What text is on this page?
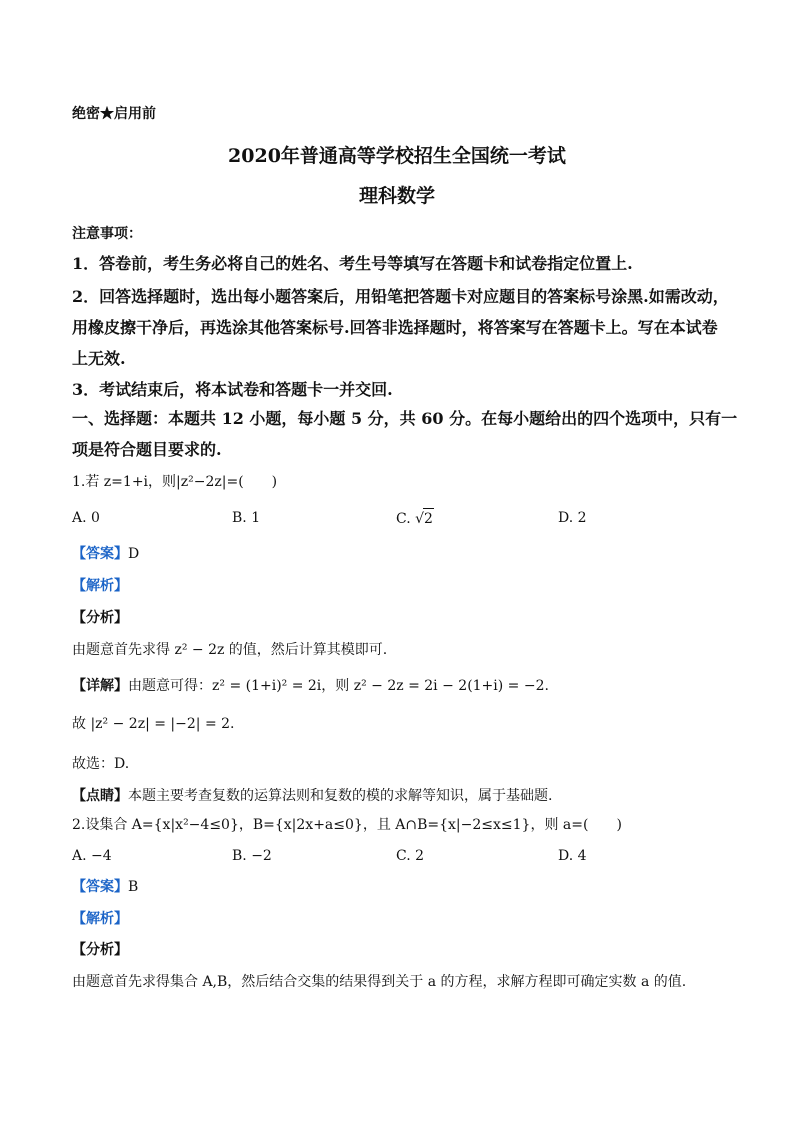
绝密★启用前
2020年普通高等学校招生全国统一考试
理科数学
注意事项：
1．答卷前，考生务必将自己的姓名、考生号等填写在答题卡和试卷指定位置上.
2．回答选择题时，选出每小题答案后，用铅笔把答题卡对应题目的答案标号涂黑.如需改动，
用橡皮擦干净后，再选涂其他答案标号.回答非选择题时，将答案写在答题卡上。写在本试卷
上无效.
3．考试结束后，将本试卷和答题卡一并交回.
一、选择题：本题共 12 小题，每小题 5 分，共 60 分。在每小题给出的四个选项中，只有一
项是符合题目要求的.
1.若 z=1+i，则|z²−2z|=(　　)
A. 0	B. 1	C. √2	D. 2
【答案】D
【解析】
【分析】
由题意首先求得 z² − 2z 的值，然后计算其模即可.
【详解】由题意可得：z² = (1+i)² = 2i，则 z² − 2z = 2i − 2(1+i) = −2.
故 |z² − 2z| = |−2| = 2.
故选：D.
【点睛】本题主要考查复数的运算法则和复数的模的求解等知识，属于基础题.
2.设集合 A={x|x²−4≤0}，B={x|2x+a≤0}，且 A∩B={x|−2≤x≤1}，则 a=(　　)
A. −4	B. −2	C. 2	D. 4
【答案】B
【解析】
【分析】
由题意首先求得集合 A,B，然后结合交集的结果得到关于 a 的方程，求解方程即可确定实数 a 的值.
